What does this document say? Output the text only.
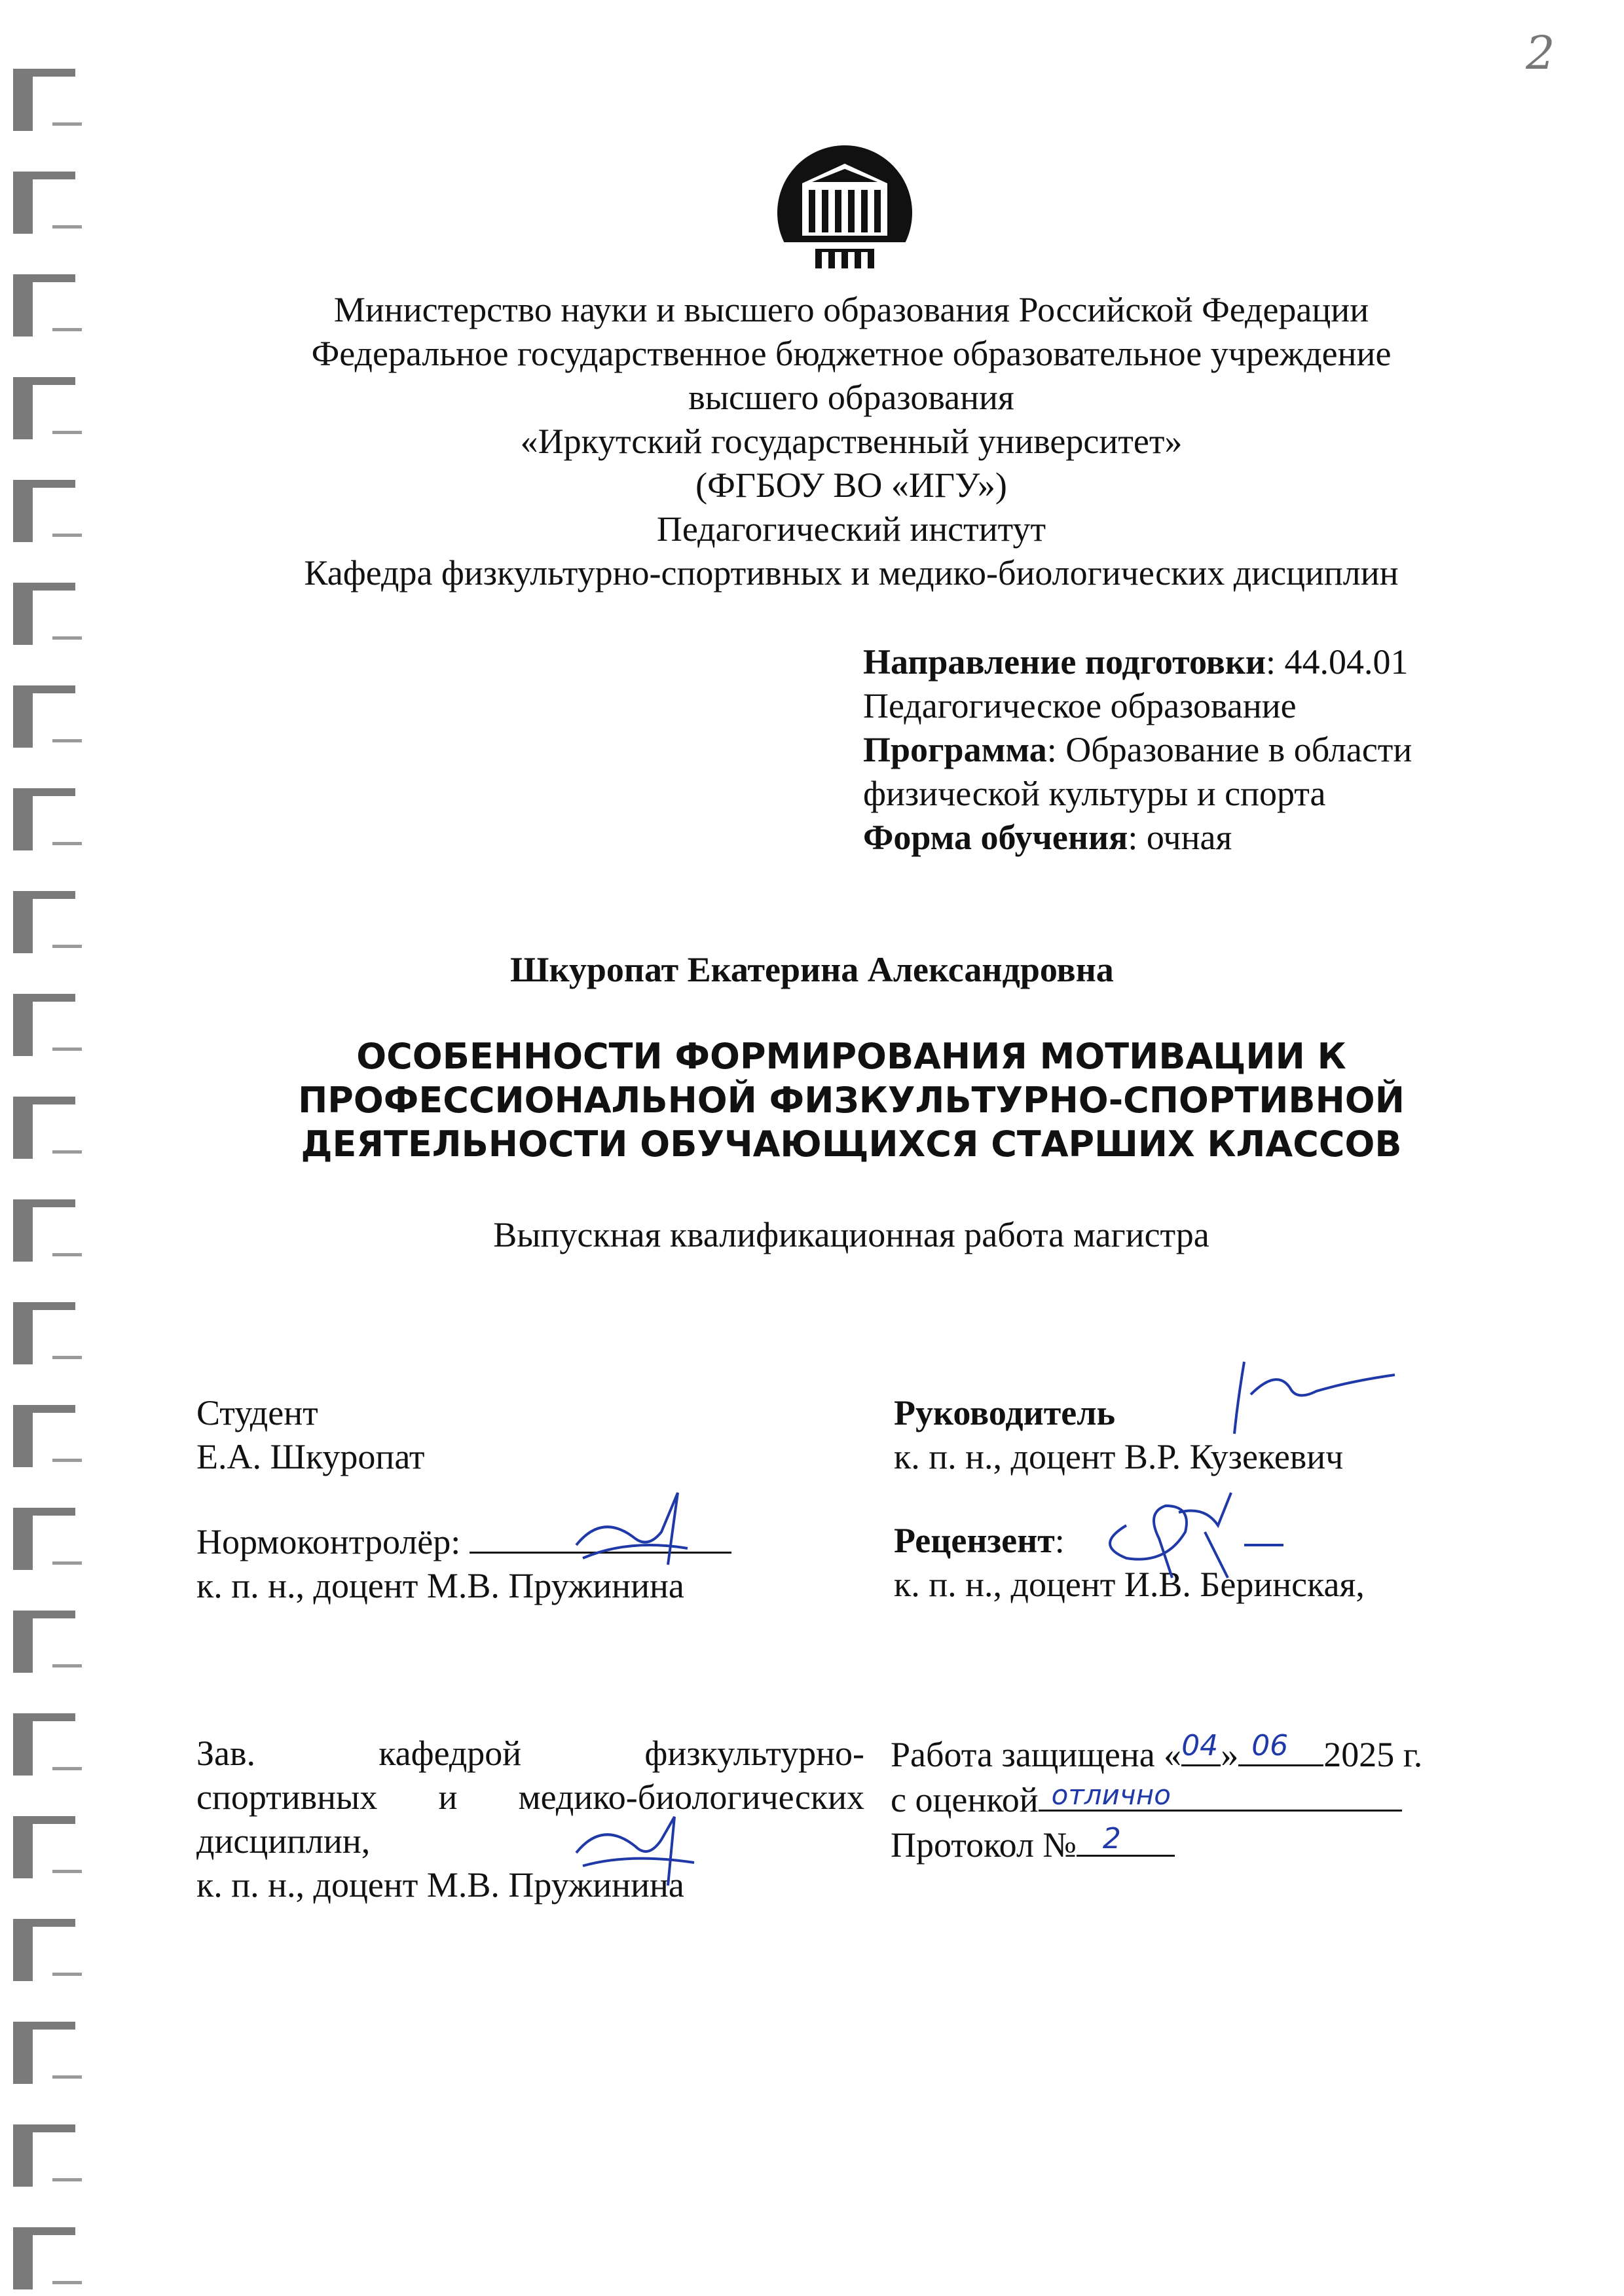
2
Министерство науки и высшего образования Российской Федерации
Федеральное государственное бюджетное образовательное учреждение
высшего образования
«Иркутский государственный университет»
(ФГБОУ ВО «ИГУ»)
Педагогический институт
Кафедра физкультурно-спортивных и медико-биологических дисциплин
Направление подготовки: 44.04.01
Педагогическое образование
Программа: Образование в области
физической культуры и спорта
Форма обучения: очная
Шкуропат Екатерина Александровна
ОСОБЕННОСТИ ФОРМИРОВАНИЯ МОТИВАЦИИ К
ПРОФЕССИОНАЛЬНОЙ ФИЗКУЛЬТУРНО-СПОРТИВНОЙ
ДЕЯТЕЛЬНОСТИ ОБУЧАЮЩИХСЯ СТАРШИХ КЛАССОВ
Выпускная квалификационная работа магистра
Студент
Е.А. Шкуропат
Руководитель
к. п. н., доцент В.Р. Кузекевич
Нормоконтролёр:
к. п. н., доцент М.В. Пружинина
Рецензент:
к. п. н., доцент И.В. Беринская,
Зав.	кафедрой	физкультурно-
спортивных и медико-биологических
дисциплин,
к. п. н., доцент М.В. Пружинина
Работа защищена « 04 » 06 2025 г.
с оценкой отлично
Протокол № 2
